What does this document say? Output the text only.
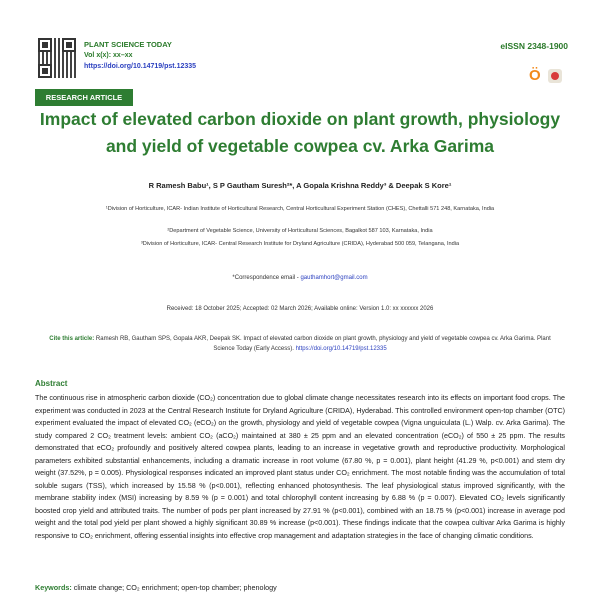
PLANT SCIENCE TODAY
Vol x(x): xx–xx
https://doi.org/10.14719/pst.12335
eISSN 2348-1900
Ö
RESEARCH ARTICLE
Impact of elevated carbon dioxide on plant growth, physiology
and yield of vegetable cowpea cv. Arka Garima
R Ramesh Babu¹, S P Gautham Suresh²*, A Gopala Krishna Reddy³ & Deepak S Kore¹
¹Division of Horticulture, ICAR- Indian Institute of Horticultural Research, Central Horticultural Experiment Station (CHES), Chettalli 571 248, Karnataka, India
²Department of Vegetable Science, University of Horticultural Sciences, Bagalkot 587 103, Karnataka, India
³Division of Horticulture, ICAR- Central Research Institute for Dryland Agriculture (CRIDA), Hyderabad 500 059, Telangana, India
*Correspondence email - gauthamhort@gmail.com
Received: 18 October 2025; Accepted: 02 March 2026; Available online: Version 1.0: xx xxxxxx 2026
Cite this article: Ramesh RB, Gautham SPS, Gopala AKR, Deepak SK. Impact of elevated carbon dioxide on plant growth, physiology and yield of vegetable cowpea cv. Arka Garima. Plant Science Today (Early Access). https://doi.org/10.14719/pst.12335
Abstract
The continuous rise in atmospheric carbon dioxide (CO₂) concentration due to global climate change necessitates research into its effects on important food crops. The experiment was conducted in 2023 at the Central Research Institute for Dryland Agriculture (CRIDA), Hyderabad. This controlled environment open-top chamber (OTC) experiment evaluated the impact of elevated CO₂ (eCO₂) on the growth, physiology and yield of vegetable cowpea (Vigna unguiculata (L.) Walp. cv. Arka Garima). The study compared 2 CO₂ treatment levels: ambient CO₂ (aCO₂) maintained at 380 ± 25 ppm and an elevated concentration (eCO₂) of 550 ± 25 ppm. The results demonstrated that eCO₂ profoundly and positively altered cowpea plants, leading to an increase in vegetative growth and reproductive productivity. Morphological parameters exhibited substantial enhancements, including a dramatic increase in root volume (67.80 %, p = 0.001), plant height (41.29 %, p<0.001) and stem dry weight (37.52%, p = 0.005). Physiological responses indicated an improved plant status under CO₂ enrichment. The most notable finding was the accumulation of total soluble sugars (TSS), which increased by 15.58 % (p<0.001), reflecting enhanced photosynthesis. The leaf physiological status improved significantly, with the membrane stability index (MSI) increasing by 8.59 % (p = 0.001) and total chlorophyll content increasing by 6.88 % (p = 0.007). Elevated CO₂ levels significantly boosted crop yield and attributed traits. The number of pods per plant increased by 27.91 % (p<0.001), combined with an 18.75 % (p<0.001) increase in average pod weight and the total pod yield per plant showed a highly significant 30.89 % increase (p<0.001). These findings indicate that the cowpea cultivar Arka Garima is highly responsive to CO₂ enrichment, offering essential insights into effective crop management and adaptation strategies in the face of changing climatic conditions.
Keywords: climate change; CO₂ enrichment; open-top chamber; phenology
